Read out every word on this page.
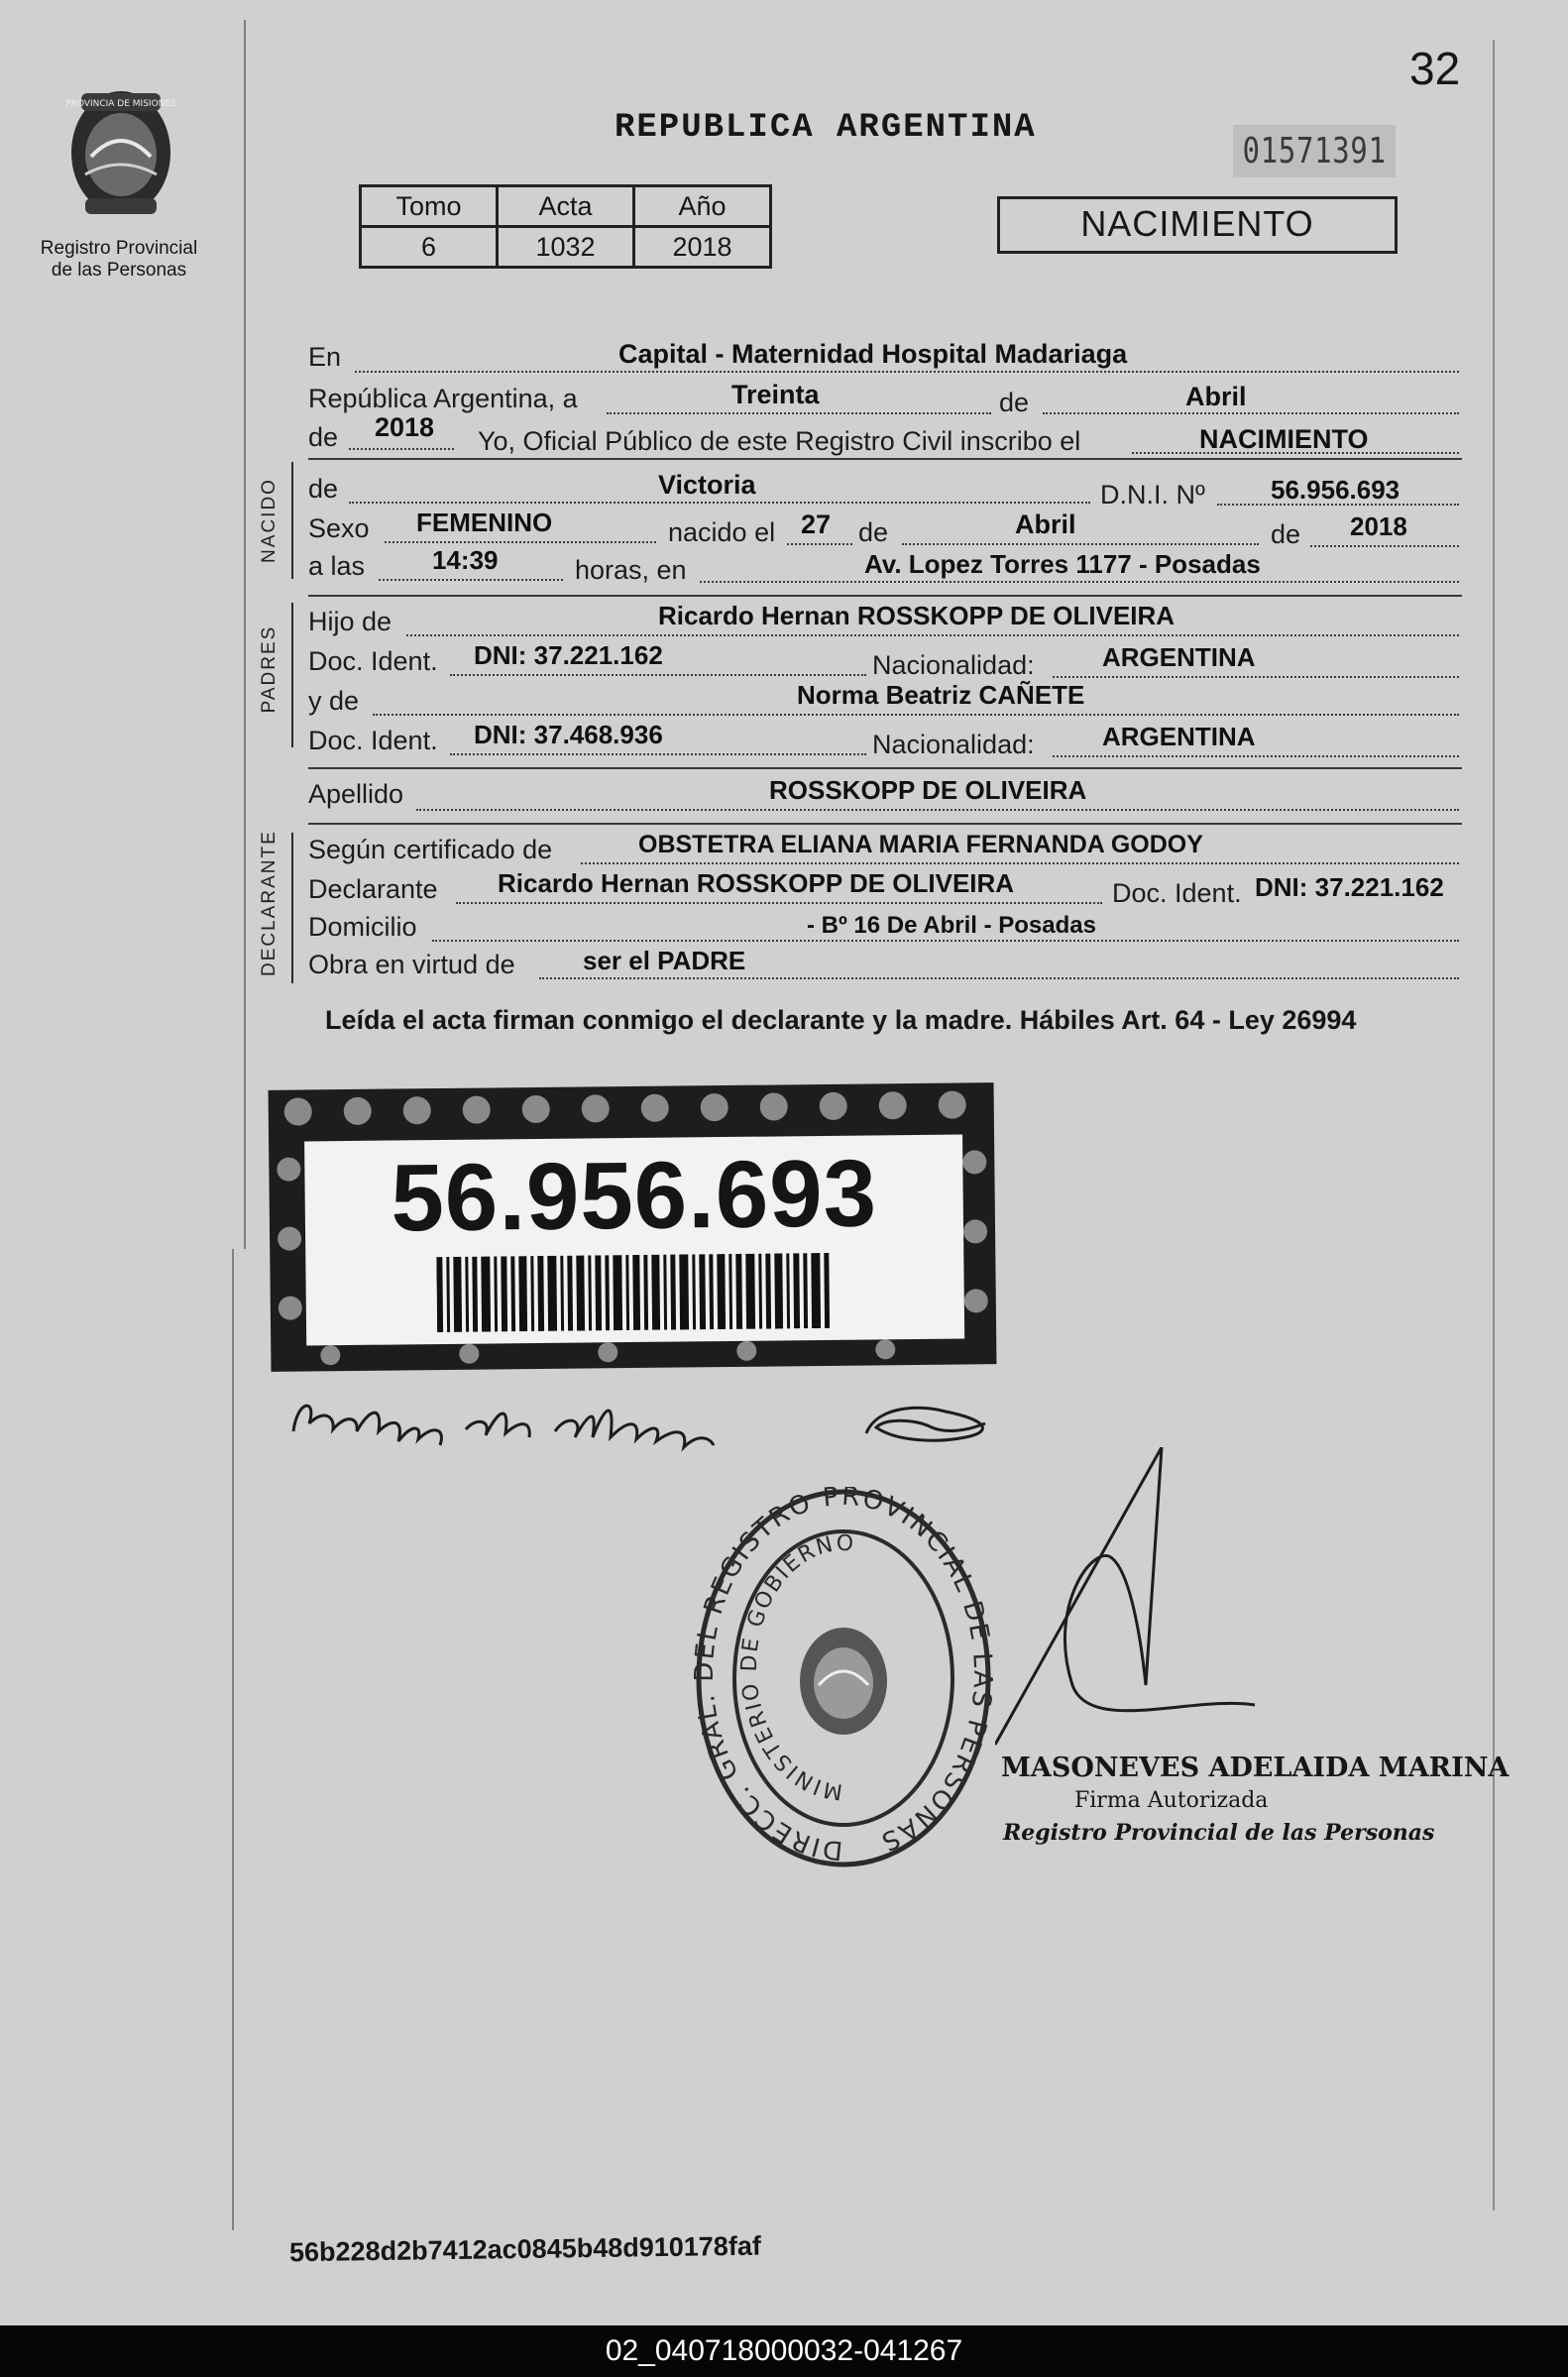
32
PROVINCIA DE MISIONES
Registro Provincial
de las Personas
REPUBLICA ARGENTINA
01571391
Tomo	Acta	Año
6	1032	2018
NACIMIENTO
En	Capital - Maternidad Hospital Madariaga
República Argentina, a	Treinta	de	Abril
de 2018 Yo, Oficial Público de este Registro Civil inscribo el	NACIMIENTO
NACIDO de	Victoria	D.N.I. Nº	56.956.693
Sexo FEMENINO	nacido el 27 de	Abril	de 2018
a las	14:39	horas, en	Av. Lopez Torres 1177 - Posadas
PADRES
Hijo de	Ricardo Hernan ROSSKOPP DE OLIVEIRA
Doc. Ident. DNI: 37.221.162	Nacionalidad:	ARGENTINA
y de	Norma Beatriz CAÑETE
Doc. Ident. DNI: 37.468.936	Nacionalidad:	ARGENTINA
Apellido	ROSSKOPP DE OLIVEIRA
DECLARANTE Según certificado de	OBSTETRA ELIANA MARIA FERNANDA GODOY
Declarante Ricardo Hernan ROSSKOPP DE OLIVEIRA	Doc. Ident. DNI: 37.221.162
Domicilio	- Bº 16 De Abril - Posadas
Obra en virtud de	ser el PADRE
Leída el acta firman conmigo el declarante y la madre. Hábiles Art. 64 - Ley 26994
56.956.693
DIRECC. GRAL. L REGISTRO PROVINCIAL DE PERSONAS
MINISTERIO DE GOBIERNO
MASONEVES ADELAIDA MARINA
Firma Autorizada
Registro Provincial de las Personas
56b228d2b7412ac0845b48d910178faf
02_040718000032-041267
